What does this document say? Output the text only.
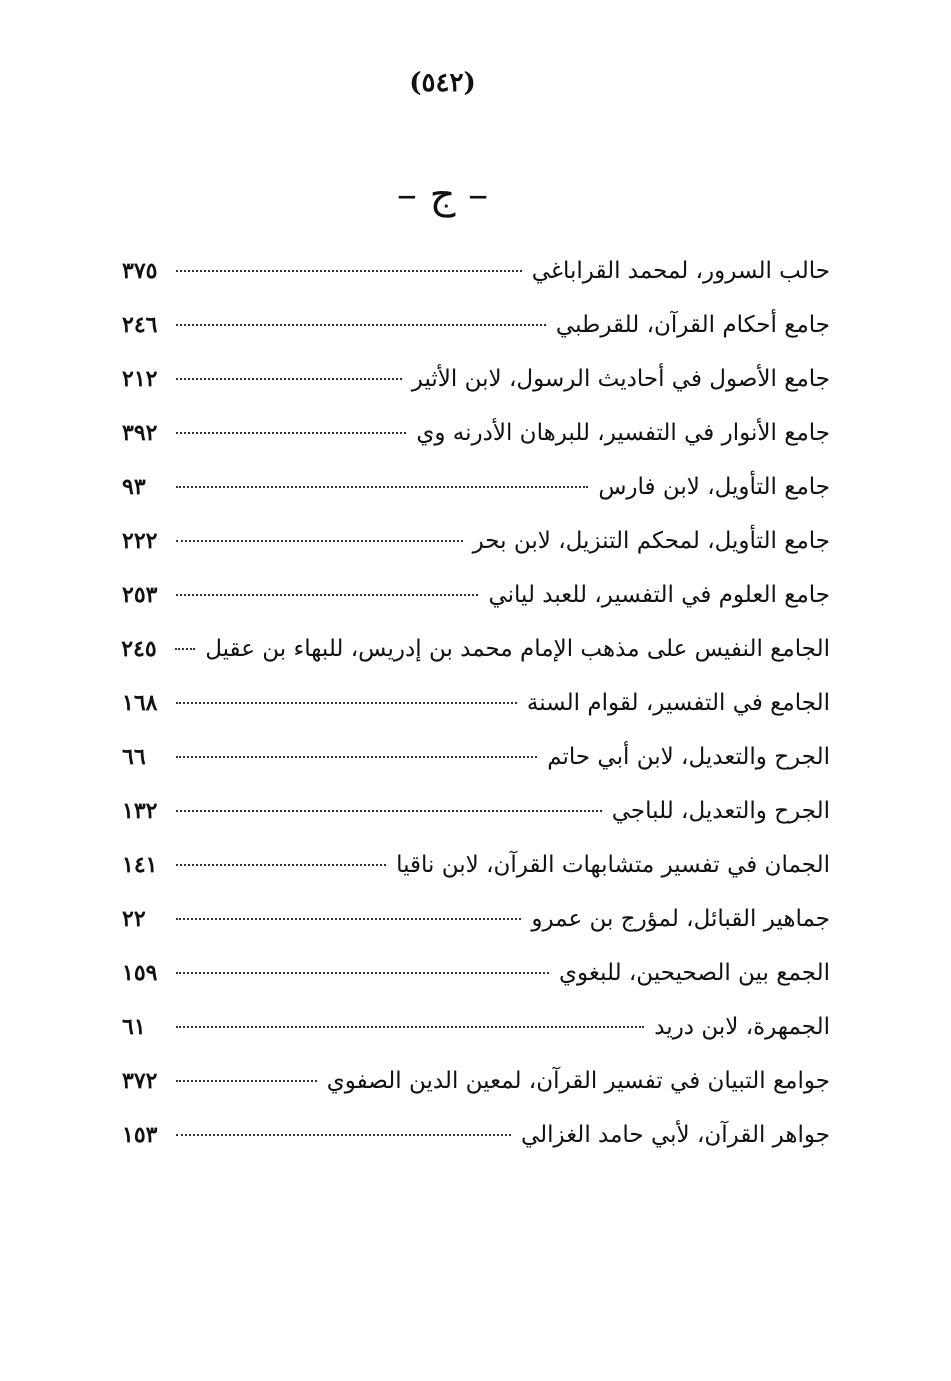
(٥٤٢)
– ج –
حالب السرور، لمحمد القراباغي
٣٧٥
جامع أحكام القرآن، للقرطبي
٢٤٦
جامع الأصول في أحاديث الرسول، لابن الأثير
٢١٢
جامع الأنوار في التفسير، للبرهان الأدرنه وي
٣٩٢
جامع التأويل، لابن فارس
٩٣
جامع التأويل، لمحكم التنزيل، لابن بحر
٢٢٢
جامع العلوم في التفسير، للعبد لياني
٢٥٣
الجامع النفيس على مذهب الإمام محمد بن إدريس، للبهاء بن عقيل
٢٤٥
الجامع في التفسير، لقوام السنة
١٦٨
الجرح والتعديل، لابن أبي حاتم
٦٦
الجرح والتعديل، للباجي
١٣٢
الجمان في تفسير متشابهات القرآن، لابن ناقيا
١٤١
جماهير القبائل، لمؤرج بن عمرو
٢٢
الجمع بين الصحيحين، للبغوي
١٥٩
الجمهرة، لابن دريد
٦١
جوامع التبيان في تفسير القرآن، لمعين الدين الصفوي
٣٧٢
جواهر القرآن، لأبي حامد الغزالي
١٥٣
